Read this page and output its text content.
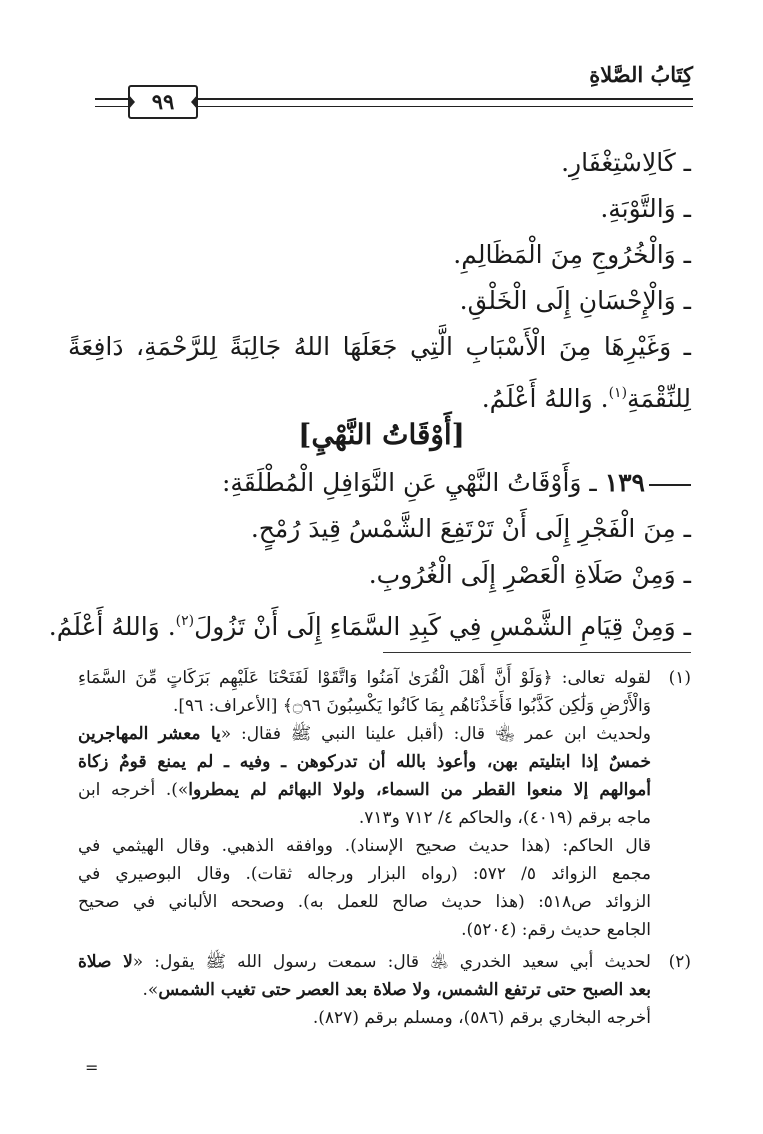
كِتَابُ الصَّلاةِ
٩٩
ـ كَالِاسْتِغْفَارِ.
ـ وَالتَّوْبَةِ.
ـ وَالْخُرُوجِ مِنَ الْمَظَالِمِ.
ـ وَالْإِحْسَانِ إِلَى الْخَلْقِ.
ـ وَغَيْرِهَا مِنَ الْأَسْبَابِ الَّتِي جَعَلَهَا اللهُ جَالِبَةً لِلرَّحْمَةِ، دَافِعَةً
لِلنِّقْمَةِ$^{(١)}$. وَاللهُ أَعْلَمُ.
[أَوْقَاتُ النَّهْيِ]
١٣٩ ـ وَأَوْقَاتُ النَّهْيِ عَنِ النَّوَافِلِ الْمُطْلَقَةِ:
ـ مِنَ الْفَجْرِ إِلَى أَنْ تَرْتَفِعَ الشَّمْسُ قِيدَ رُمْحٍ.
ـ وَمِنْ صَلَاةِ الْعَصْرِ إِلَى الْغُرُوبِ.
ـ وَمِنْ قِيَامِ الشَّمْسِ فِي كَبِدِ السَّمَاءِ إِلَى أَنْ تَزُولَ$^{(٢)}$. وَاللهُ أَعْلَمُ.
(١)
لقوله تعالى: ﴿وَلَوْ أَنَّ أَهْلَ الْقُرَىٰ آمَنُوا وَاتَّقَوْا لَفَتَحْنَا عَلَيْهِم بَرَكَاتٍ مِّنَ السَّمَاءِ
وَالْأَرْضِ وَلَٰكِن كَذَّبُوا فَأَخَذْنَاهُم بِمَا كَانُوا يَكْسِبُونَ ۝٩٦﴾ [الأعراف: ٩٦].
ولحديث ابن عمر ﵄ قال: (أقبل علينا النبي ﷺ فقال: «يا معشر المهاجرين
خمسٌ إذا ابتليتم بهن، وأعوذ بالله أن تدركوهن ـ وفيه ـ لم يمنع قومٌ زكاة
أموالهم إلا منعوا القطر من السماء، ولولا البهائم لم يمطروا»). أخرجه ابن
ماجه برقم (٤٠١٩)، والحاكم ٤/ ٧١٢ و٧١٣.
قال الحاكم: (هذا حديث صحيح الإسناد). ووافقه الذهبي. وقال الهيثمي في
مجمع الزوائد ٥/ ٥٧٢: (رواه البزار ورجاله ثقات). وقال البوصيري في
الزوائد ص٥١٨: (هذا حديث صالح للعمل به). وصححه الألباني في صحيح
الجامع حديث رقم: (٥٢٠٤).
(٢)
لحديث أبي سعيد الخدري ﵁ قال: سمعت رسول الله ﷺ يقول: «لا صلاة
بعد الصبح حتى ترتفع الشمس، ولا صلاة بعد العصر حتى تغيب الشمس».
أخرجه البخاري برقم (٥٨٦)، ومسلم برقم (٨٢٧).
=
